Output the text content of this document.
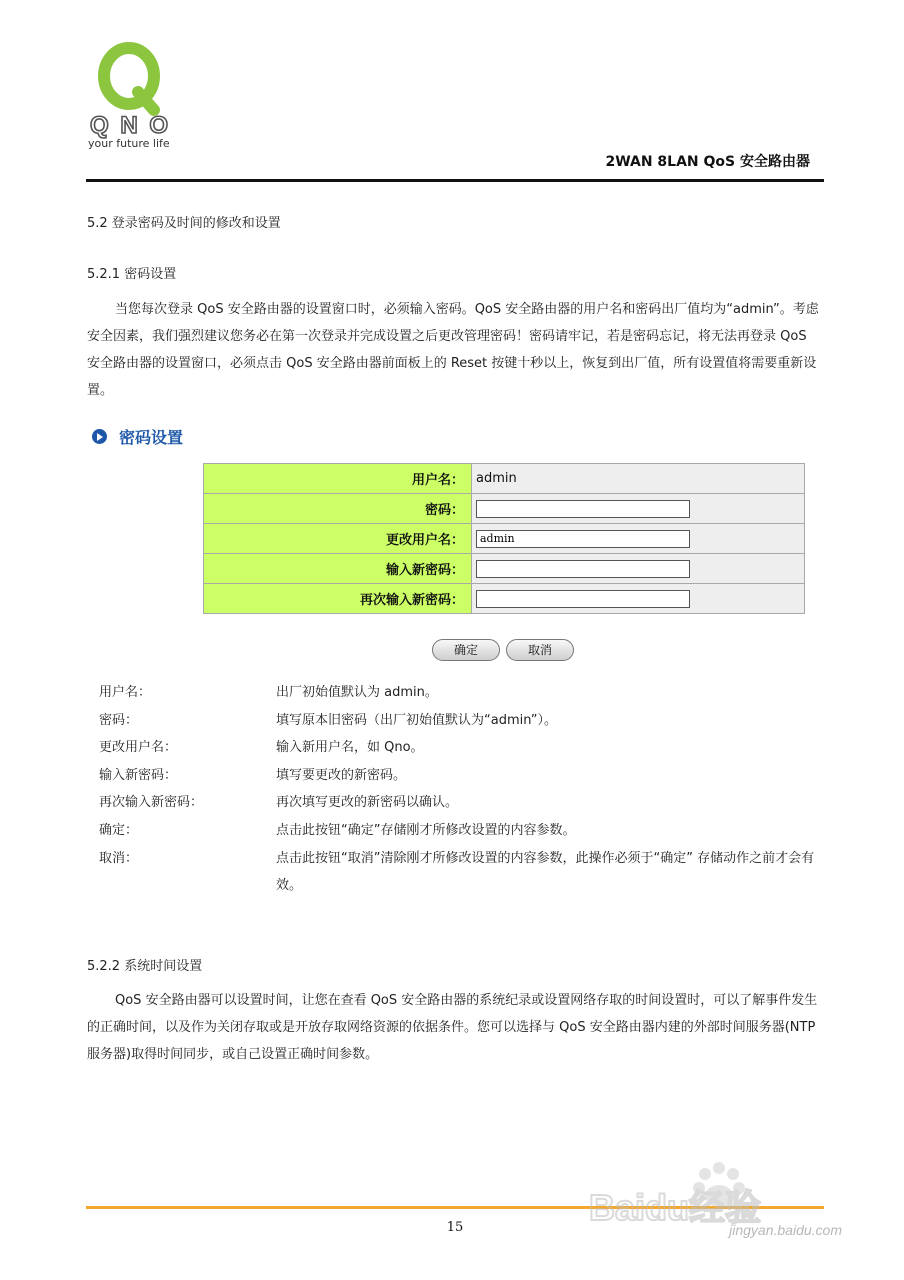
QNO
your future life
2WAN 8LAN QoS 安全路由器
5.2 登录密码及时间的修改和设置
5.2.1 密码设置
当您每次登录 QoS 安全路由器的设置窗口时，必须输入密码。QoS 安全路由器的用户名和密码出厂值均为“admin”。考虑安全因素，我们强烈建议您务必在第一次登录并完成设置之后更改管理密码！密码请牢记，若是密码忘记，将无法再登录 QoS 安全路由器的设置窗口，必须点击 QoS 安全路由器前面板上的 Reset 按键十秒以上，恢复到出厂值，所有设置值将需要重新设置。
密码设置
用户名：	admin
密码：	
更改用户名：	admin
输入新密码：	
再次输入新密码：	
确定	取消
用户名：	出厂初始值默认为 admin。
密码：	填写原本旧密码（出厂初始值默认为“admin”）。
更改用户名：	输入新用户名，如 Qno。
输入新密码：	填写要更改的新密码。
再次输入新密码：	再次填写更改的新密码以确认。
确定：	点击此按钮“确定”存储刚才所修改设置的内容参数。
取消：	点击此按钮“取消”清除刚才所修改设置的内容参数，此操作必须于“确定” 存储动作之前才会有效。
5.2.2 系统时间设置
QoS 安全路由器可以设置时间，让您在查看 QoS 安全路由器的系统纪录或设置网络存取的时间设置时，可以了解事件发生的正确时间，以及作为关闭存取或是开放存取网络资源的依据条件。您可以选择与 QoS 安全路由器内建的外部时间服务器(NTP 服务器)取得时间同步，或自己设置正确时间参数。
15	Baidu经验
jingyan.baidu.com
